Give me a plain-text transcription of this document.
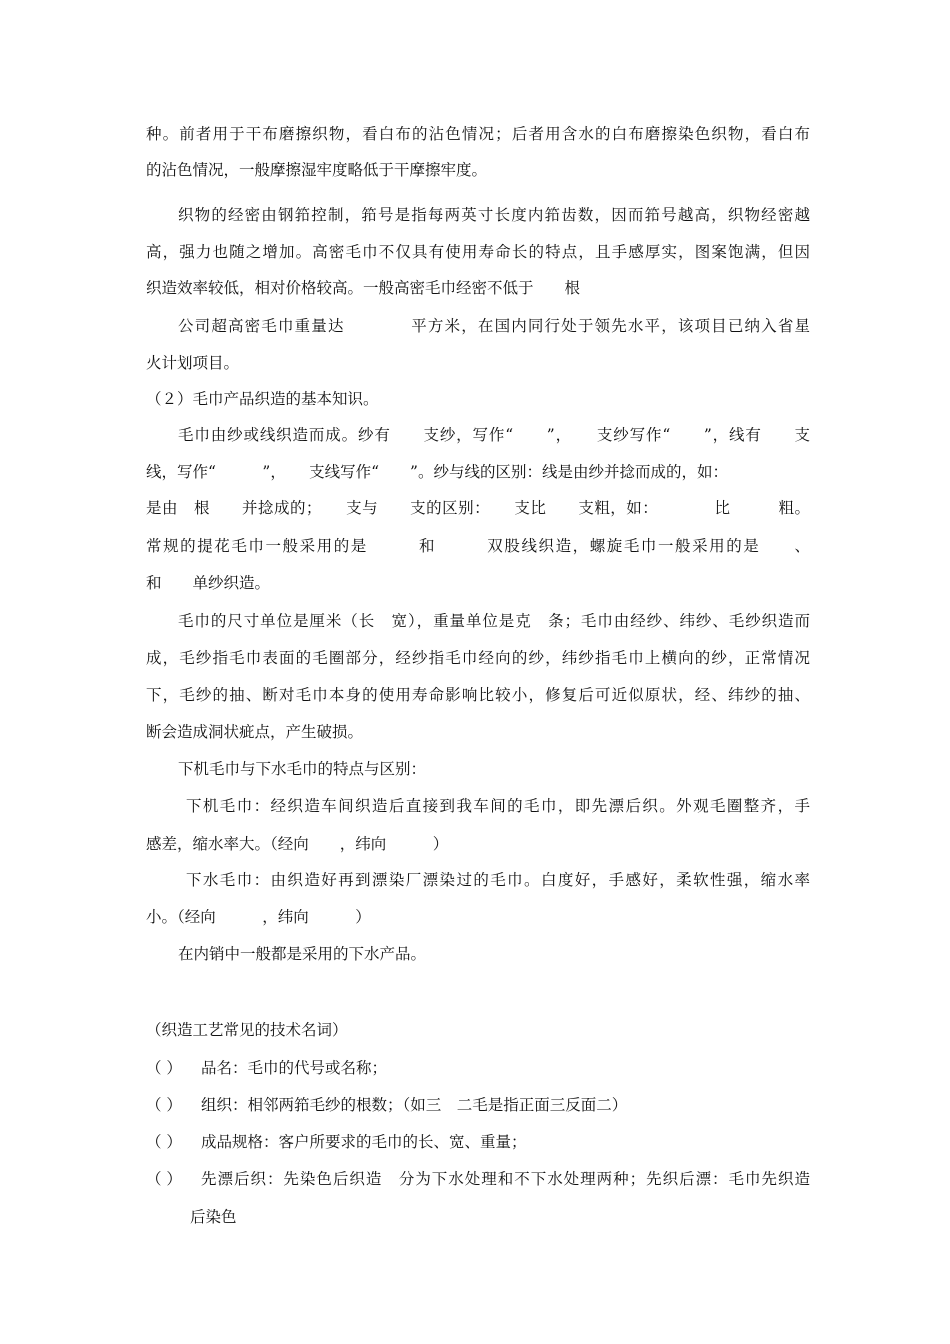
种。前者用于干布磨擦织物，看白布的沾色情况；后者用含水的白布磨擦染色织物，看白布
的沾色情况，一般摩擦湿牢度略低于干摩擦牢度。
织物的经密由钢筘控制，筘号是指每两英寸长度内筘齿数，因而筘号越高，织物经密越
高，强力也随之增加。高密毛巾不仅具有使用寿命长的特点，且手感厚实，图案饱满，但因
织造效率较低，相对价格较高。一般高密毛巾经密不低于　　根
公司超高密毛巾重量达　　　　平方米，在国内同行处于领先水平，该项目已纳入省星
火计划项目。
（２）毛巾产品织造的基本知识。
毛巾由纱或线织造而成。纱有　　支纱，写作“　　”，　　支纱写作“　　”，线有　　支
线，写作“　　　”，　　支线写作“　　”。纱与线的区别：线是由纱并捻而成的，如：
是由　根　　并捻成的；　　支与　　支的区别：　　支比　　支粗，如：　　　　比　　　粗。
常规的提花毛巾一般采用的是　　　和　　　双股线织造，螺旋毛巾一般采用的是　　、
和　　单纱织造。
毛巾的尺寸单位是厘米（长　宽），重量单位是克　条；毛巾由经纱、纬纱、毛纱织造而
成，毛纱指毛巾表面的毛圈部分，经纱指毛巾经向的纱，纬纱指毛巾上横向的纱，正常情况
下，毛纱的抽、断对毛巾本身的使用寿命影响比较小，修复后可近似原状，经、纬纱的抽、
断会造成洞状疵点，产生破损。
下机毛巾与下水毛巾的特点与区别：
下机毛巾：经织造车间织造后直接到我车间的毛巾，即先漂后织。外观毛圈整齐，手
感差，缩水率大。（经向　　，纬向　　　）
下水毛巾：由织造好再到漂染厂漂染过的毛巾。白度好，手感好，柔软性强，缩水率
小。（经向　　　，纬向　　　）
在内销中一般都是采用的下水产品。
（织造工艺常见的技术名词）
（ ） 品名：毛巾的代号或名称；
（ ） 组织：相邻两筘毛纱的根数；（如三　二毛是指正面三反面二）
（ ） 成品规格：客户所要求的毛巾的长、宽、重量；
（ ） 先漂后织：先染色后织造　分为下水处理和不下水处理两种；先织后漂：毛巾先织造
后染色
